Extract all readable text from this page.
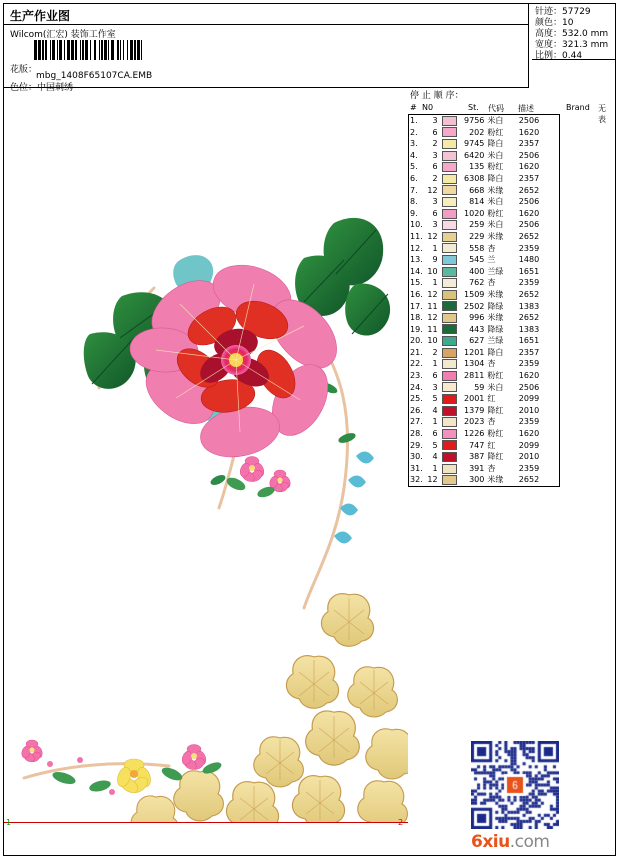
生产作业图
Wilcom(汇宏) 装饰工作室
花版：
mbg_1408F65107CA.EMB
色位：中国刺绣
针迹：57729
颜色：10
高度：532.0 mm
宽度：321.3 mm
比例：0.44
1	2
停 止 顺 序：
# N0	St. 代码 描述	Brand 无 表
1.	3		9756	米白	2506
2.	6		202	粉红	1620
3.	2		9745	降白	2357
4.	3		6420	米白	2506
5.	6		135	粉红	1620
6.	2		6308	降白	2357
7.	12		668	米缘	2652
8.	3		814	米白	2506
9.	6		1020	粉红	1620
10.	3		259	米白	2506
11.	12		229	米缘	2652
12.	1		558	杏	2359
13.	9		545	兰	1480
14.	10		400	兰绿	1651
15.	1		762	杏	2359
16.	12		1509	米缘	2652
17.	11		2502	降绿	1383
18.	12		996	米缘	2652
19.	11		443	降绿	1383
20.	10		627	兰绿	1651
21.	2		1201	降白	2357
22.	1		1304	杏	2359
23.	6		2811	粉红	1620
24.	3		59	米白	2506
25.	5		2001	红	2099
26.	4		1379	降红	2010
27.	1		2023	杏	2359
28.	6		1226	粉红	1620
29.	5		747	红	2099
30.	4		387	降红	2010
31.	1		391	杏	2359
32.	12		300	米缘	2652
6xiu.com
